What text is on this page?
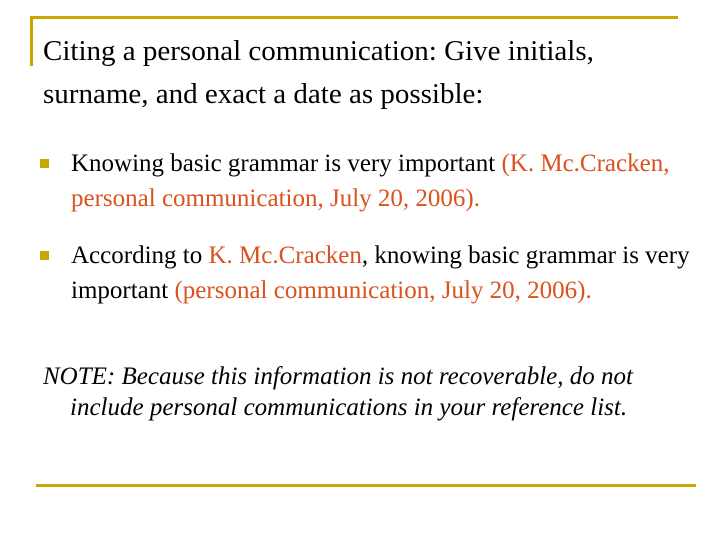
Citing a personal communication: Give initials, surname, and exact a date as possible:
Knowing basic grammar is very important (K. Mc.Cracken, personal communication, July 20, 2006).
According to K. Mc.Cracken, knowing basic grammar is very important (personal communication, July 20, 2006).

NOTE: Because this information is not recoverable, do not include personal communications in your reference list.
